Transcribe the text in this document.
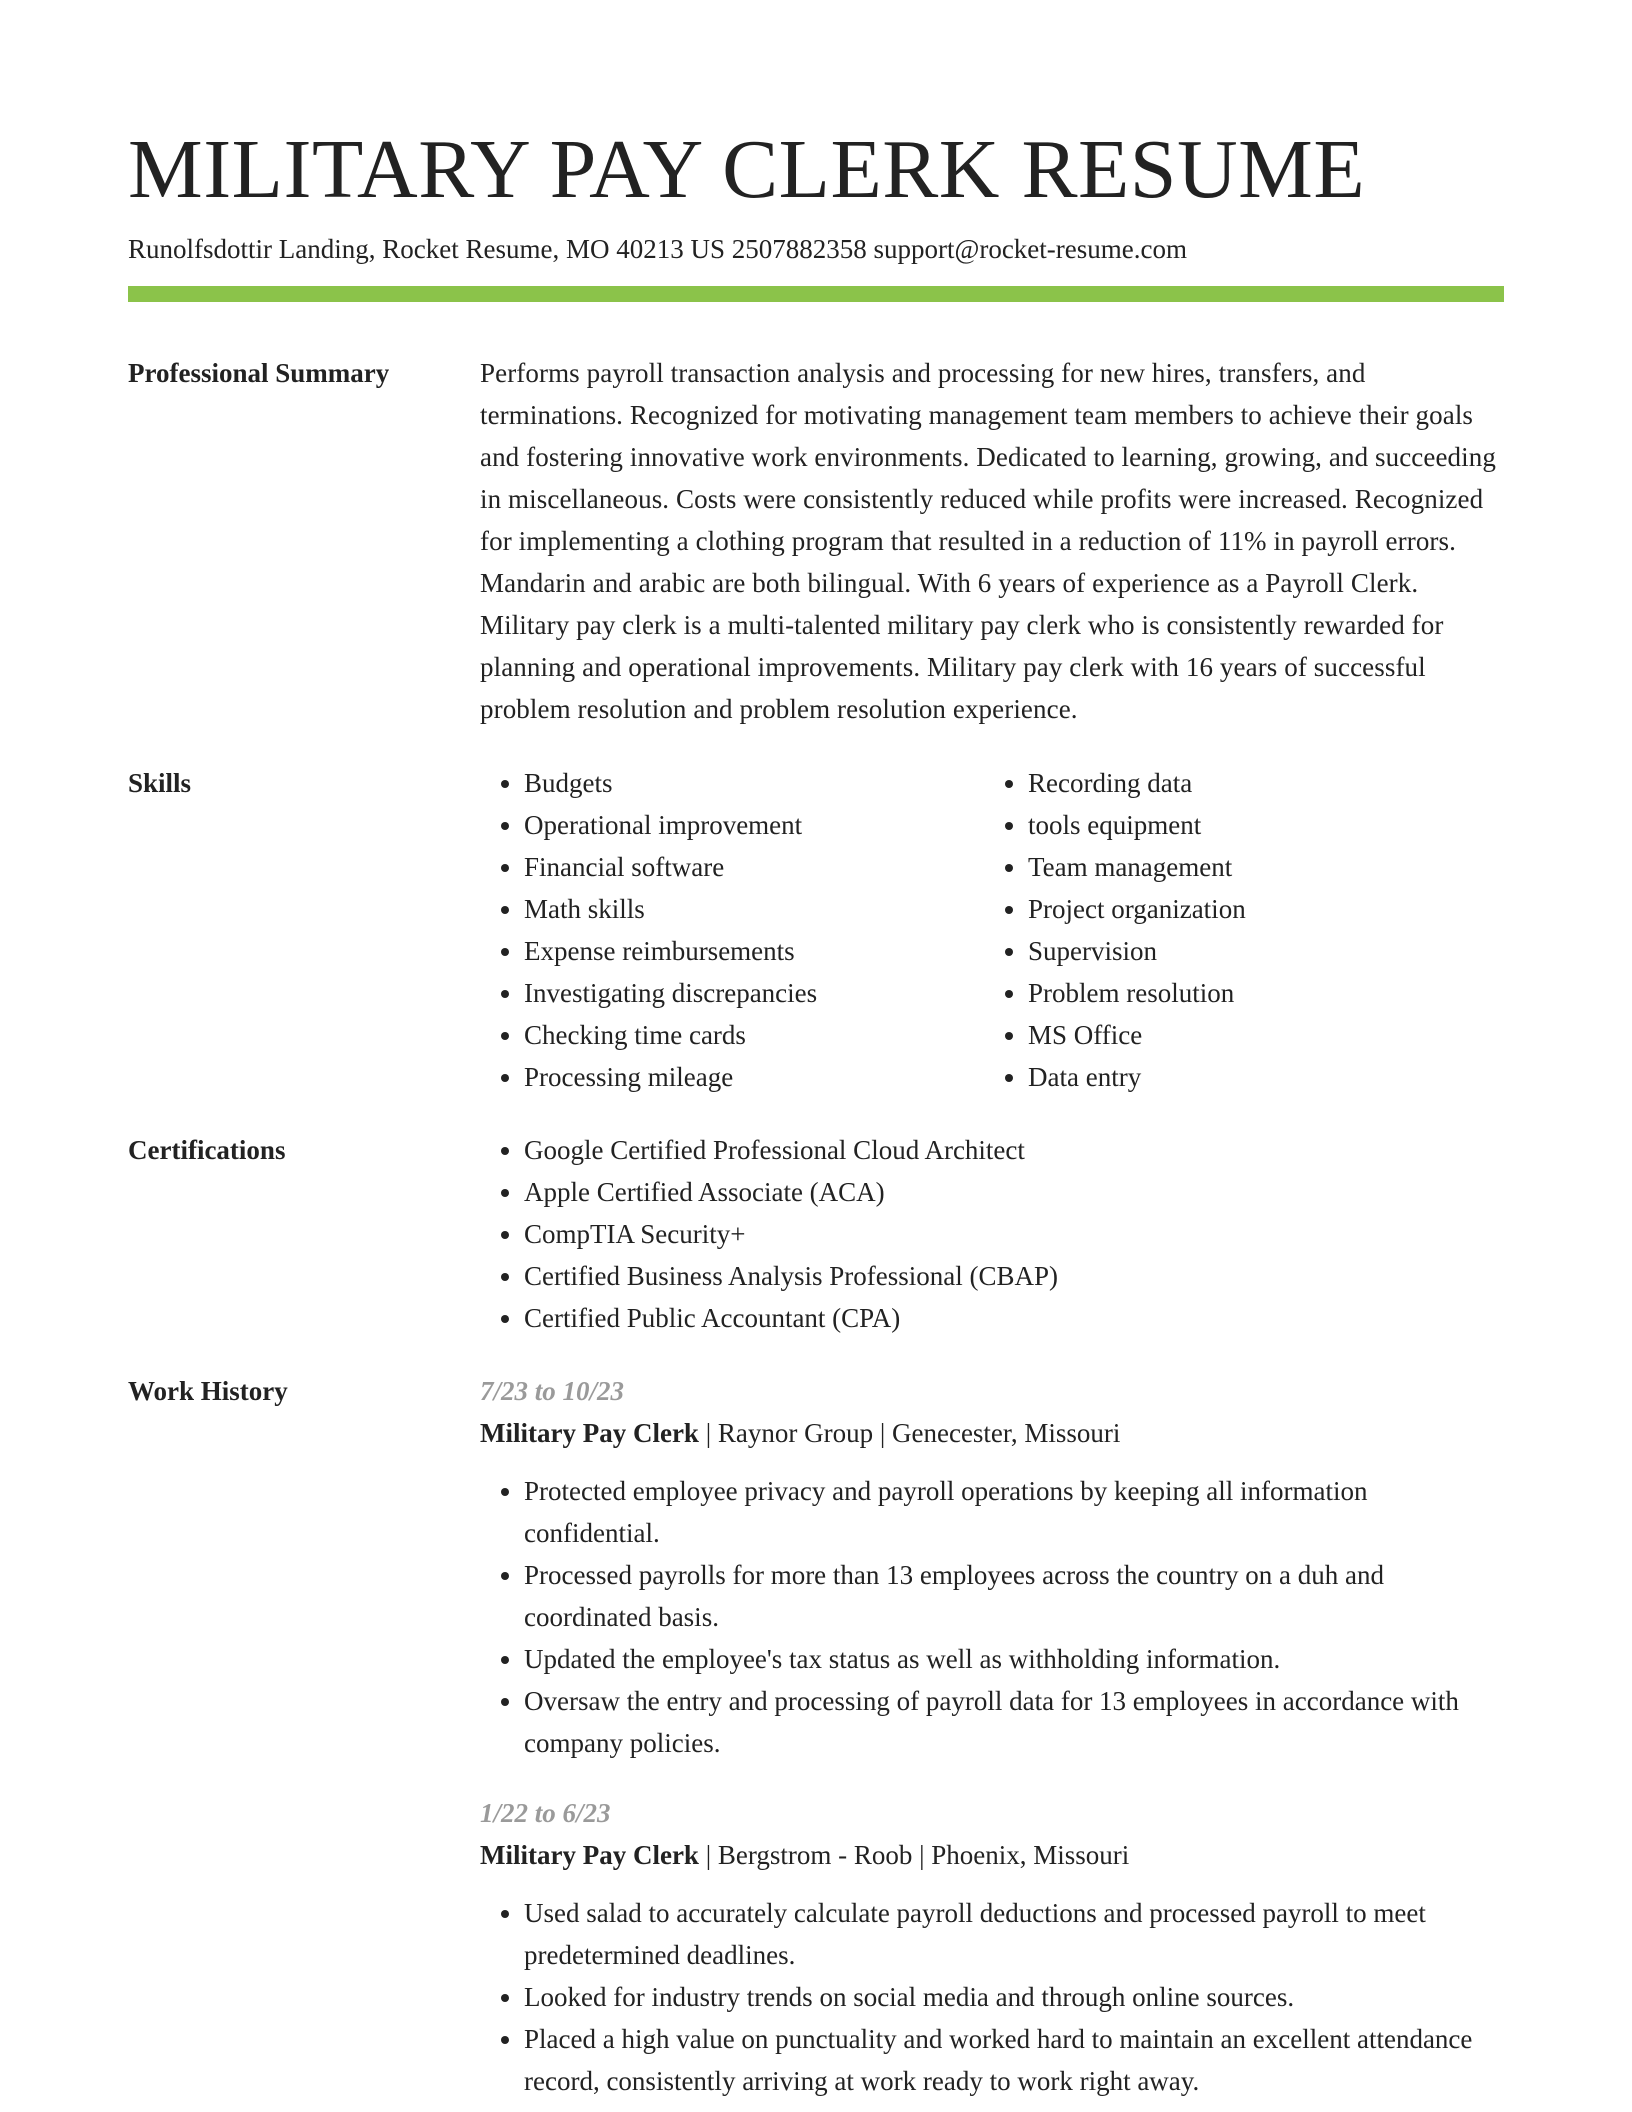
MILITARY PAY CLERK RESUME
Runolfsdottir Landing, Rocket Resume, MO 40213 US 2507882358 support@rocket-resume.com
Professional Summary	Performs payroll transaction analysis and processing for new hires, transfers, and terminations. Recognized for motivating management team members to achieve their goals and fostering innovative work environments. Dedicated to learning, growing, and succeeding in miscellaneous. Costs were consistently reduced while profits were increased. Recognized for implementing a clothing program that resulted in a reduction of 11% in payroll errors. Mandarin and arabic are both bilingual. With 6 years of experience as a Payroll Clerk. Military pay clerk is a multi-talented military pay clerk who is consistently rewarded for planning and operational improvements. Military pay clerk with 16 years of successful problem resolution and problem resolution experience.

Skills	• Budgets
• Operational improvement
• Financial software
• Math skills
• Expense reimbursements
• Investigating discrepancies
• Checking time cards
• Processing mileage
• Recording data
• tools equipment
• Team management
• Project organization
• Supervision
• Problem resolution
• MS Office
• Data entry
Certifications	• Google Certified Professional Cloud Architect
• Apple Certified Associate (ACA)
• CompTIA Security+
• Certified Business Analysis Professional (CBAP)
• Certified Public Accountant (CPA)
Work History	7/23 to 10/23
Military Pay Clerk | Raynor Group | Genecester, Missouri
• Protected employee privacy and payroll operations by keeping all information confidential.
• Processed payrolls for more than 13 employees across the country on a duh and coordinated basis.
• Updated the employee's tax status as well as withholding information.
• Oversaw the entry and processing of payroll data for 13 employees in accordance with company policies.
1/22 to 6/23
Military Pay Clerk | Bergstrom - Roob | Phoenix, Missouri
• Used salad to accurately calculate payroll deductions and processed payroll to meet predetermined deadlines.
• Looked for industry trends on social media and through online sources.
• Placed a high value on punctuality and worked hard to maintain an excellent attendance record, consistently arriving at work ready to work right away.
